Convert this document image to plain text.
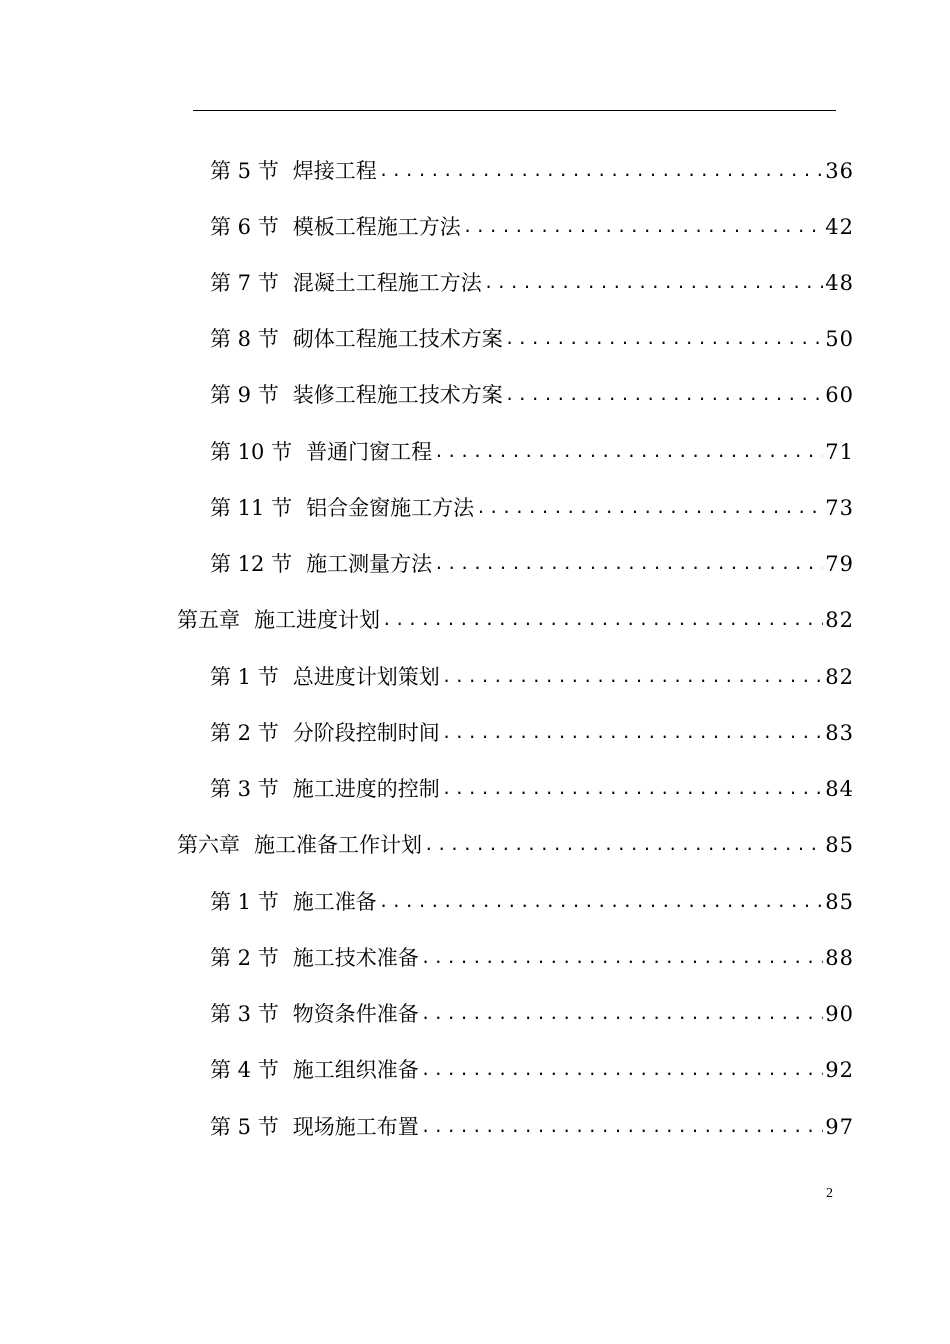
第 5 节 焊接工程 .....	36
第 6 节 模板工程施工方法 .....	42
第 7 节 混凝土工程施工方法 .....	48
第 8 节 砌体工程施工技术方案 .....	50
第 9 节 装修工程施工技术方案 .....	60
第 10 节 普通门窗工程 .....	71
第 11 节 铝合金窗施工方法 .....	73
第 12 节 施工测量方法 .....	79
第五章 施工进度计划 .....	82
第 1 节 总进度计划策划 .....	82
第 2 节 分阶段控制时间 .....	83
第 3 节 施工进度的控制 .....	84
第六章 施工准备工作计划 .....	85
第 1 节 施工准备 .....	85
第 2 节 施工技术准备 .....	88
第 3 节 物资条件准备 .....	90
第 4 节 施工组织准备 .....	92
第 5 节 现场施工布置 .....	97
2
